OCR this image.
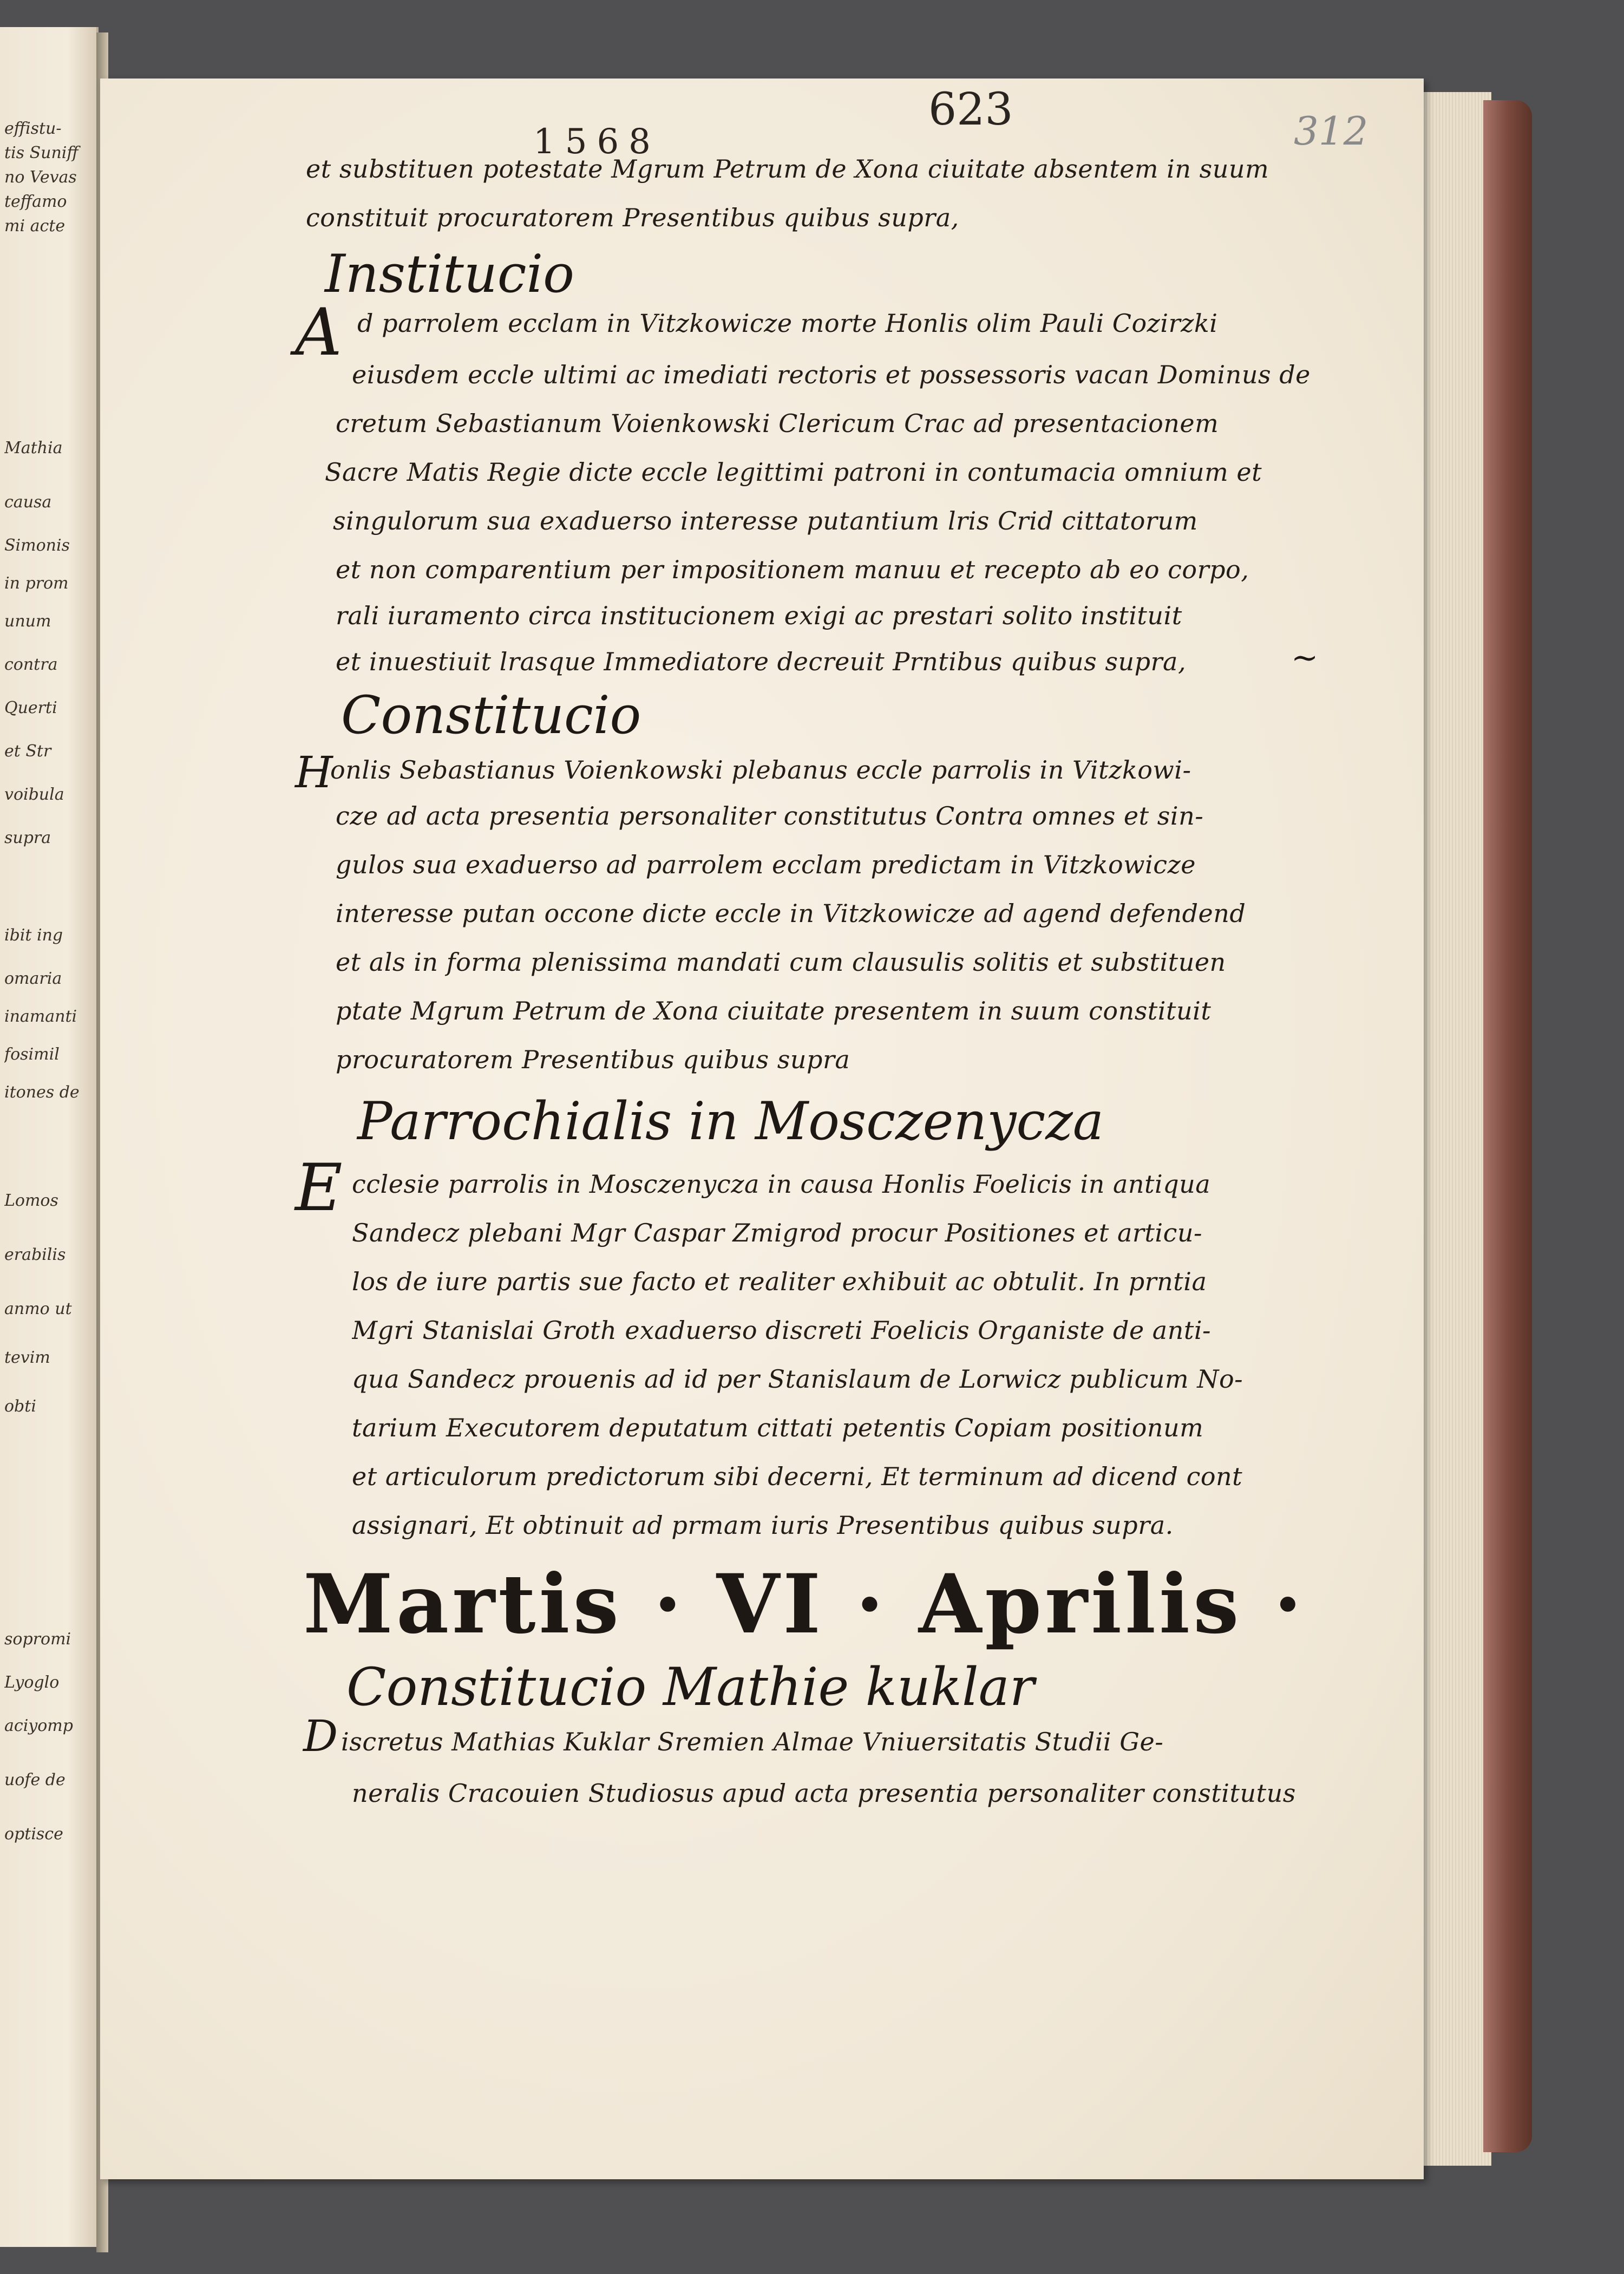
effistu-
tis Suniff
no Vevas
teffamo
mi acte
Mathia
causa
Simonis
in prom
unum
contra
Querti
et Str
voibula
supra
ibit ing
omaria
inamanti
fosimil
itones de
Lomos
erabilis
anmo ut
tevim
obti
sopromi
Lyoglo
aciyomp
uofe de
optisce
623	312
1568
et substituen potestate Mgrum Petrum de Xona ciuitate absentem in suum
constituit procuratorem Presentibus quibus supra,
Institucio
A d parrolem ecclam in Vitzkowicze morte Honlis olim Pauli Cozirzki
eiusdem eccle ultimi ac imediati rectoris et possessoris vacan Dominus de
cretum Sebastianum Voienkowski Clericum Crac ad presentacionem
Sacre Matis Regie dicte eccle legittimi patroni in contumacia omnium et
singulorum sua exaduerso interesse putantium lris Crid cittatorum
et non comparentium per impositionem manuu et recepto ab eo corpo,
rali iuramento circa institucionem exigi ac prestari solito instituit
et inuestiuit lrasque Immediatore decreuit Prntibus quibus supra,	~
Constitucio
H
onlis Sebastianus Voienkowski plebanus eccle parrolis in Vitzkowi-
cze ad acta presentia personaliter constitutus Contra omnes et sin-
gulos sua exaduerso ad parrolem ecclam predictam in Vitzkowicze
interesse putan occone dicte eccle in Vitzkowicze ad agend defendend
et als in forma plenissima mandati cum clausulis solitis et substituen
ptate Mgrum Petrum de Xona ciuitate presentem in suum constituit
procuratorem Presentibus quibus supra
Parrochialis in Mosczenycza
E cclesie parrolis in Mosczenycza in causa Honlis Foelicis in antiqua
Sandecz plebani Mgr Caspar Zmigrod procur Positiones et articu-
los de iure partis sue facto et realiter exhibuit ac obtulit. In prntia
Mgri Stanislai Groth exaduerso discreti Foelicis Organiste de anti-
qua Sandecz prouenis ad id per Stanislaum de Lorwicz publicum No-
tarium Executorem deputatum cittati petentis Copiam positionum
et articulorum predictorum sibi decerni, Et terminum ad dicend cont
assignari, Et obtinuit ad prmam iuris Presentibus quibus supra.
Martis · VI · Aprilis ·
Constitucio Mathie kuklar
D iscretus Mathias Kuklar Sremien Almae Vniuersitatis Studii Ge-
neralis Cracouien Studiosus apud acta presentia personaliter constitutus
